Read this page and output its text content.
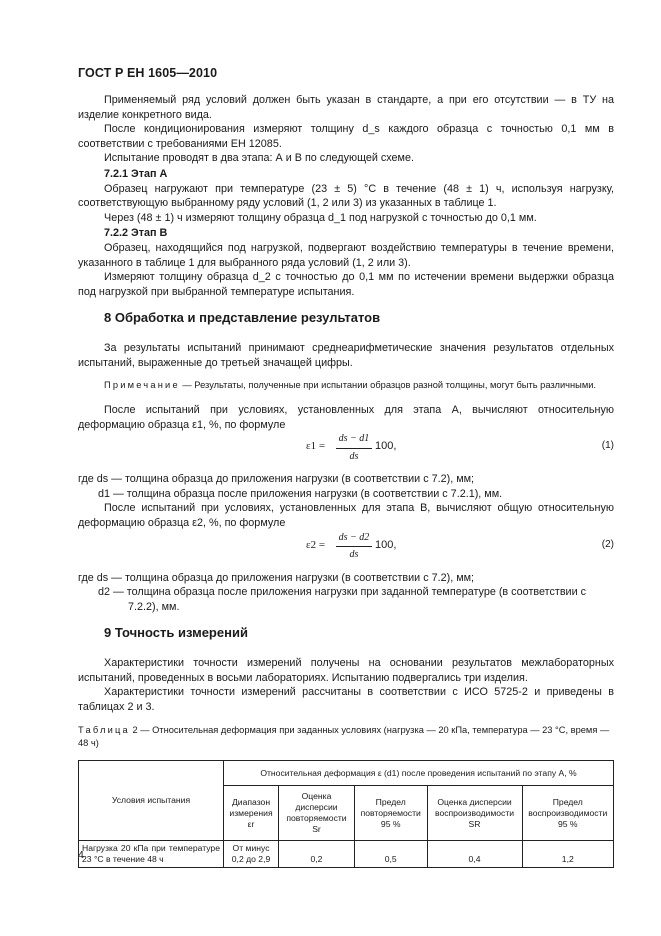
ГОСТ Р ЕН 1605—2010

Применяемый ряд условий должен быть указан в стандарте, а при его отсутствии — в ТУ на изделие конкретного вида.

После кондиционирования измеряют толщину d_s каждого образца с точностью 0,1 мм в соответствии с требованиями ЕН 12085.

Испытание проводят в два этапа: А и В по следующей схеме.

7.2.1 Этап А

Образец нагружают при температуре (23 ± 5) °С в течение (48 ± 1) ч, используя нагрузку, соответствующую выбранному ряду условий (1, 2 или 3) из указанных в таблице 1.

Через (48 ± 1) ч измеряют толщину образца d_1 под нагрузкой с точностью до 0,1 мм.

7.2.2 Этап В

Образец, находящийся под нагрузкой, подвергают воздействию температуры в течение времени, указанного в таблице 1 для выбранного ряда условий (1, 2 или 3).

Измеряют толщину образца d_2 с точностью до 0,1 мм по истечении времени выдержки образца под нагрузкой при выбранной температуре испытания.

8 Обработка и представление результатов

За результаты испытаний принимают среднеарифметические значения результатов отдельных испытаний, выраженные до третьей значащей цифры.

Примечание — Результаты, полученные при испытании образцов разной толщины, могут быть различными.

После испытаний при условиях, установленных для этапа А, вычисляют относительную деформацию образца ε1, %, по формуле

$\varepsilon 1 = \frac{ds - d1}{ds} 100$,	(1)

где ds — толщина образца до приложения нагрузки (в соответствии с 7.2), мм;

d1 — толщина образца после приложения нагрузки (в соответствии с 7.2.1), мм.

После испытаний при условиях, установленных для этапа В, вычисляют общую относительную деформацию образца ε2, %, по формуле

$\varepsilon 2 = \frac{ds - d2}{ds} 100$,	(2)

где ds — толщина образца до приложения нагрузки (в соответствии с 7.2), мм;

d2 — толщина образца после приложения нагрузки при заданной температуре (в соответствии с 7.2.2), мм.

9 Точность измерений

Характеристики точности измерений получены на основании результатов межлабораторных испытаний, проведенных в восьми лабораториях. Испытанию подвергались три изделия.

Характеристики точности измерений рассчитаны в соответствии с ИСО 5725-2 и приведены в таблицах 2 и 3.

Таблица 2 — Относительная деформация при заданных условиях (нагрузка — 20 кПа, температура — 23 °С, время — 48 ч)

Условия испытания	Относительная деформация ε (d1) после проведения испытаний по этапу А, %				
	Диапазон измерения εr	Оценка дисперсии повторяемости Sr	Предел повторяемости 95 %	Оценка дисперсии воспроизводимости SR	Предел воспроизводимости 95 %
Нагрузка 20 кПа при температуре 23 °С в течение 48 ч	От минус 0,2 до 2,9	0,2	0,5	0,4	1,2
4
